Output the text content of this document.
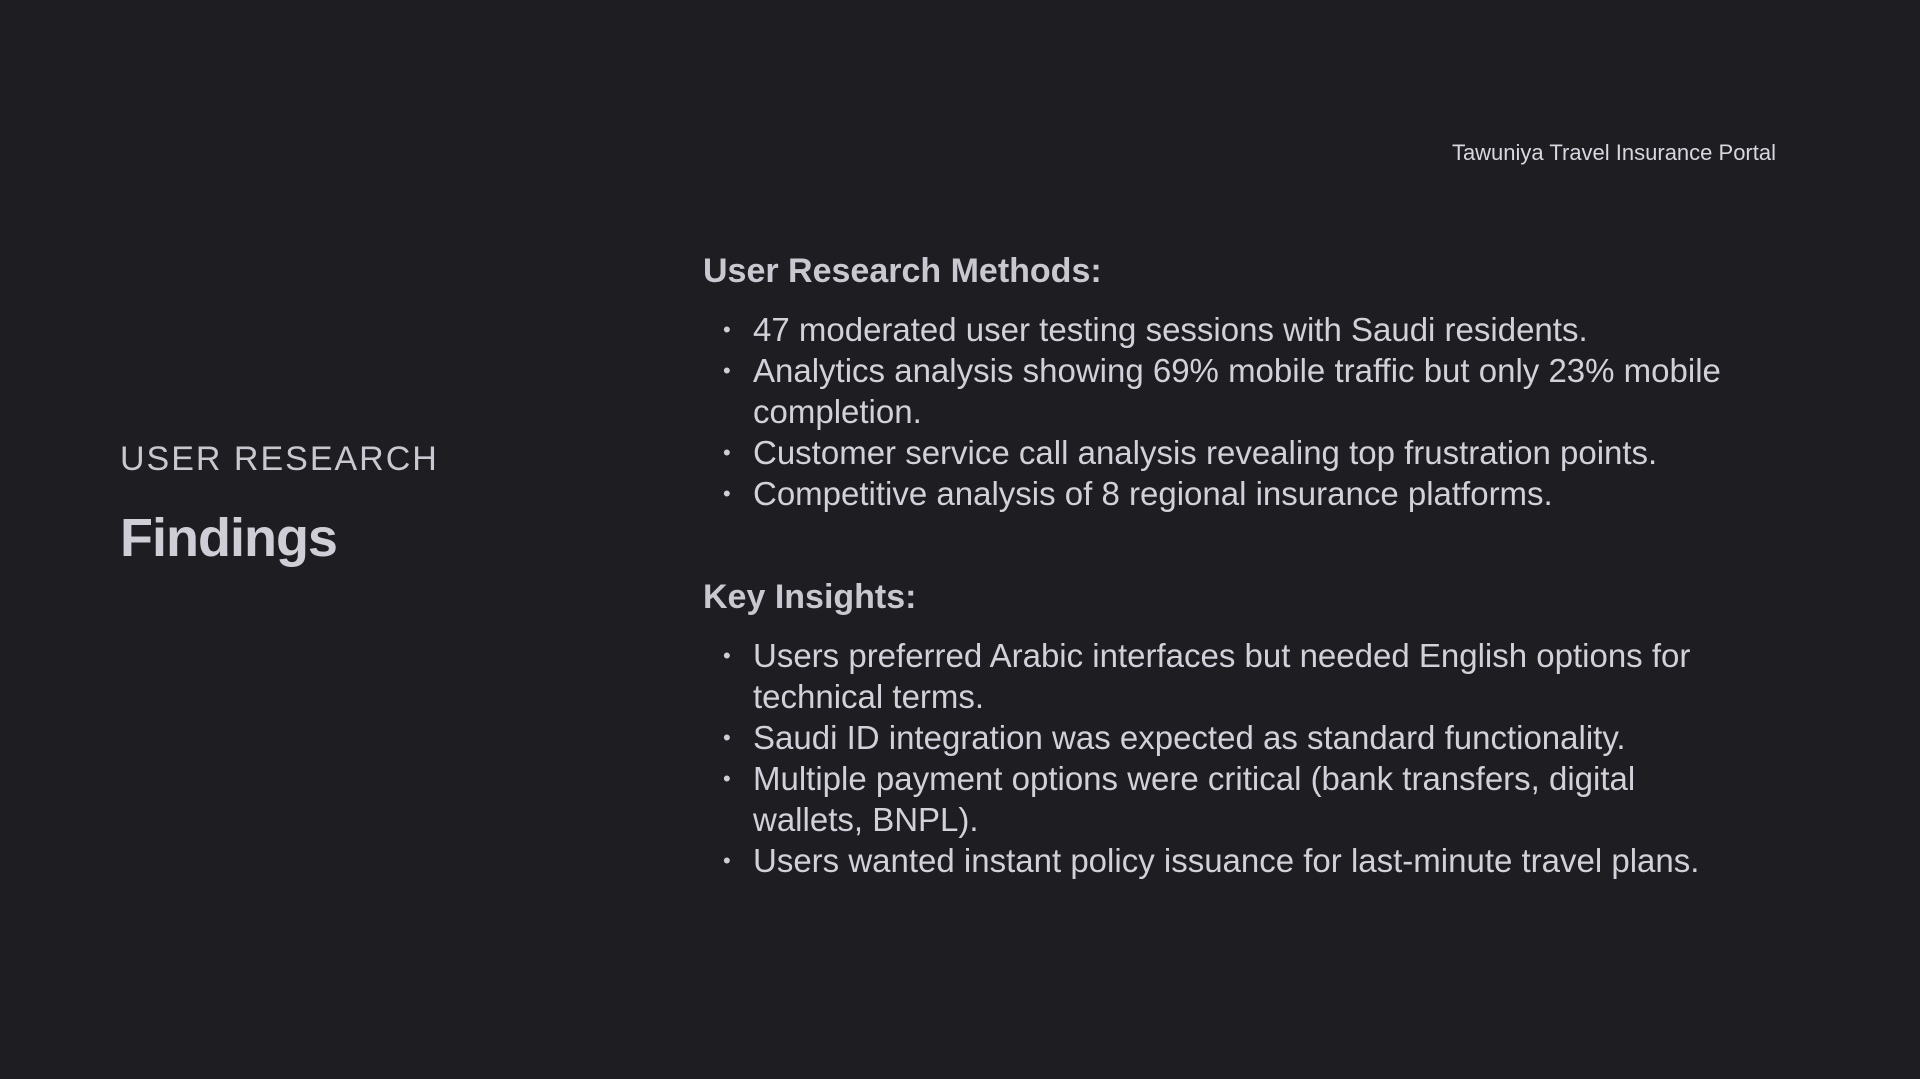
Tawuniya Travel Insurance Portal

USER RESEARCH

Findings
User Research Methods:
• 47 moderated user testing sessions with Saudi residents.
• Analytics analysis showing 69% mobile traffic but only 23% mobile completion.
• Customer service call analysis revealing top frustration points.
• Competitive analysis of 8 regional insurance platforms.
Key Insights:
• Users preferred Arabic interfaces but needed English options for technical terms.
• Saudi ID integration was expected as standard functionality.
• Multiple payment options were critical (bank transfers, digital wallets, BNPL).
• Users wanted instant policy issuance for last-minute travel plans.
